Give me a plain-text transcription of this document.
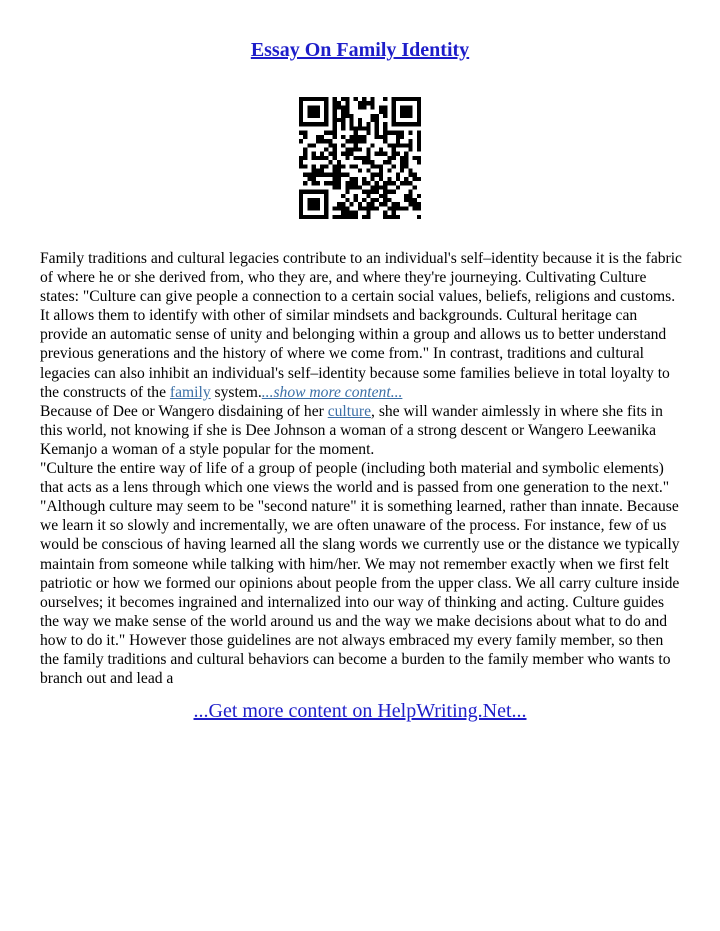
Essay On Family Identity

Family traditions and cultural legacies contribute to an individual's self–identity because it is the fabric of where he or she derived from, who they are, and where they're journeying. Cultivating Culture states: "Culture can give people a connection to a certain social values, beliefs, religions and customs. It allows them to identify with other of similar mindsets and backgrounds. Cultural heritage can provide an automatic sense of unity and belonging within a group and allows us to better understand previous generations and the history of where we come from." In contrast, traditions and cultural legacies can also inhibit an individual's self–identity because some families believe in total loyalty to the constructs of the family system....show more content...

Because of Dee or Wangero disdaining of her culture, she will wander aimlessly in where she fits in this world, not knowing if she is Dee Johnson a woman of a strong descent or Wangero Leewanika Kemanjo a woman of a style popular for the moment.

"Culture the entire way of life of a group of people (including both material and symbolic elements) that acts as a lens through which one views the world and is passed from one generation to the next." "Although culture may seem to be "second nature" it is something learned, rather than innate. Because we learn it so slowly and incrementally, we are often unaware of the process. For instance, few of us would be conscious of having learned all the slang words we currently use or the distance we typically maintain from someone while talking with him/her. We may not remember exactly when we first felt patriotic or how we formed our opinions about people from the upper class. We all carry culture inside ourselves; it becomes ingrained and internalized into our way of thinking and acting. Culture guides the way we make sense of the world around us and the way we make decisions about what to do and how to do it." However those guidelines are not always embraced my every family member, so then the family traditions and cultural behaviors can become a burden to the family member who wants to branch out and lead a

...Get more content on HelpWriting.Net...
